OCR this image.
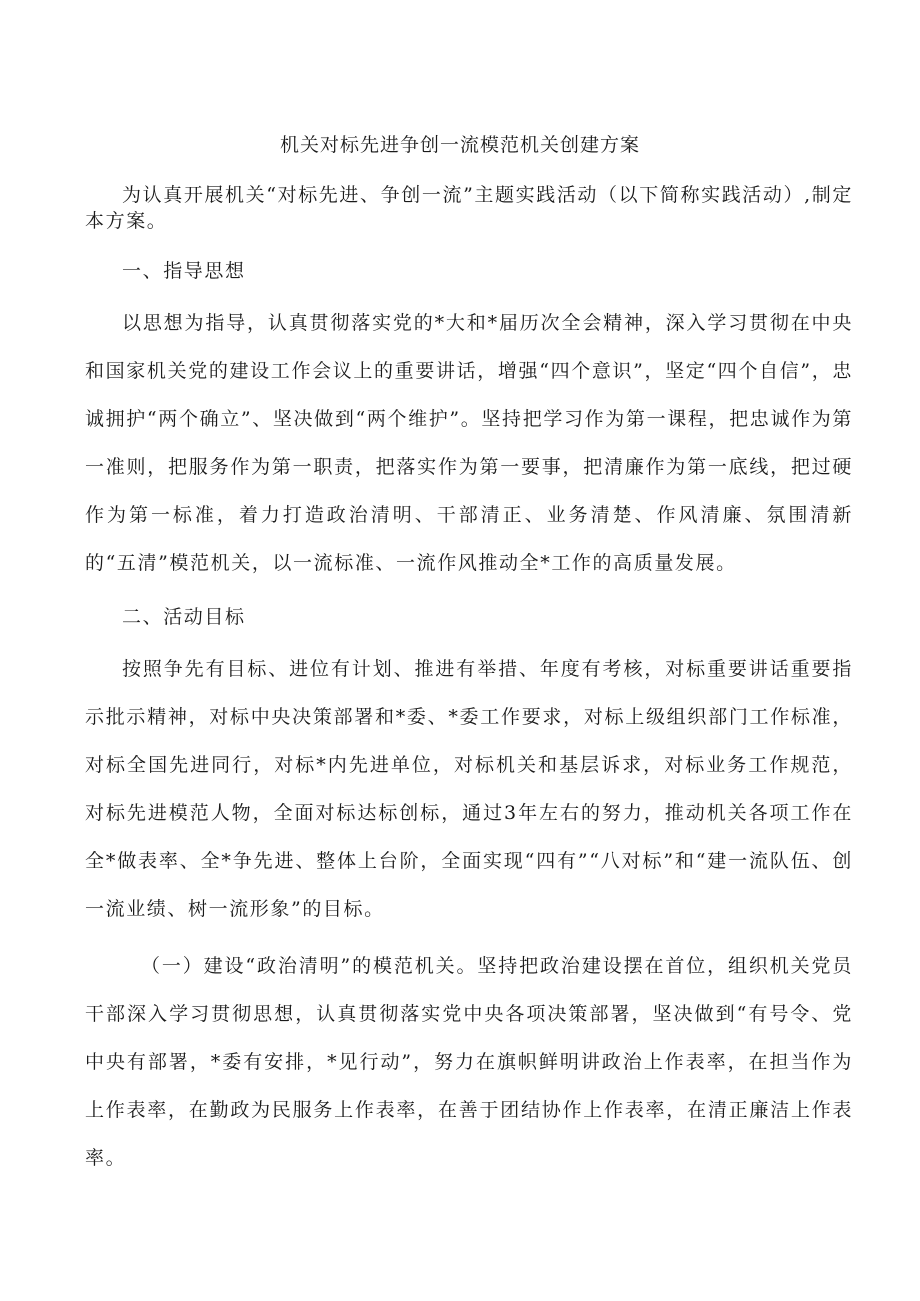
机关对标先进争创一流模范机关创建方案

为认真开展机关“对标先进、争创一流”主题实践活动（以下简称实践活动）,制定本方案。

一、指导思想

以思想为指导，认真贯彻落实党的*大和*届历次全会精神，深入学习贯彻在中央和国家机关党的建设工作会议上的重要讲话，增强“四个意识”，坚定“四个自信”，忠诚拥护“两个确立”、坚决做到“两个维护”。坚持把学习作为第一课程，把忠诚作为第一准则，把服务作为第一职责，把落实作为第一要事，把清廉作为第一底线，把过硬作为第一标准，着力打造政治清明、干部清正、业务清楚、作风清廉、氛围清新的“五清”模范机关，以一流标准、一流作风推动全*工作的高质量发展。

二、活动目标

按照争先有目标、进位有计划、推进有举措、年度有考核，对标重要讲话重要指示批示精神，对标中央决策部署和*委、*委工作要求，对标上级组织部门工作标准，对标全国先进同行，对标*内先进单位，对标机关和基层诉求，对标业务工作规范，对标先进模范人物，全面对标达标创标，通过3年左右的努力，推动机关各项工作在全*做表率、全*争先进、整体上台阶，全面实现“四有”“八对标”和“建一流队伍、创一流业绩、树一流形象”的目标。

（一）建设“政治清明”的模范机关。坚持把政治建设摆在首位，组织机关党员干部深入学习贯彻思想，认真贯彻落实党中央各项决策部署，坚决做到“有号令、党中央有部署，*委有安排，*见行动”，努力在旗帜鲜明讲政治上作表率，在担当作为上作表率，在勤政为民服务上作表率，在善于团结协作上作表率，在清正廉洁上作表率。
